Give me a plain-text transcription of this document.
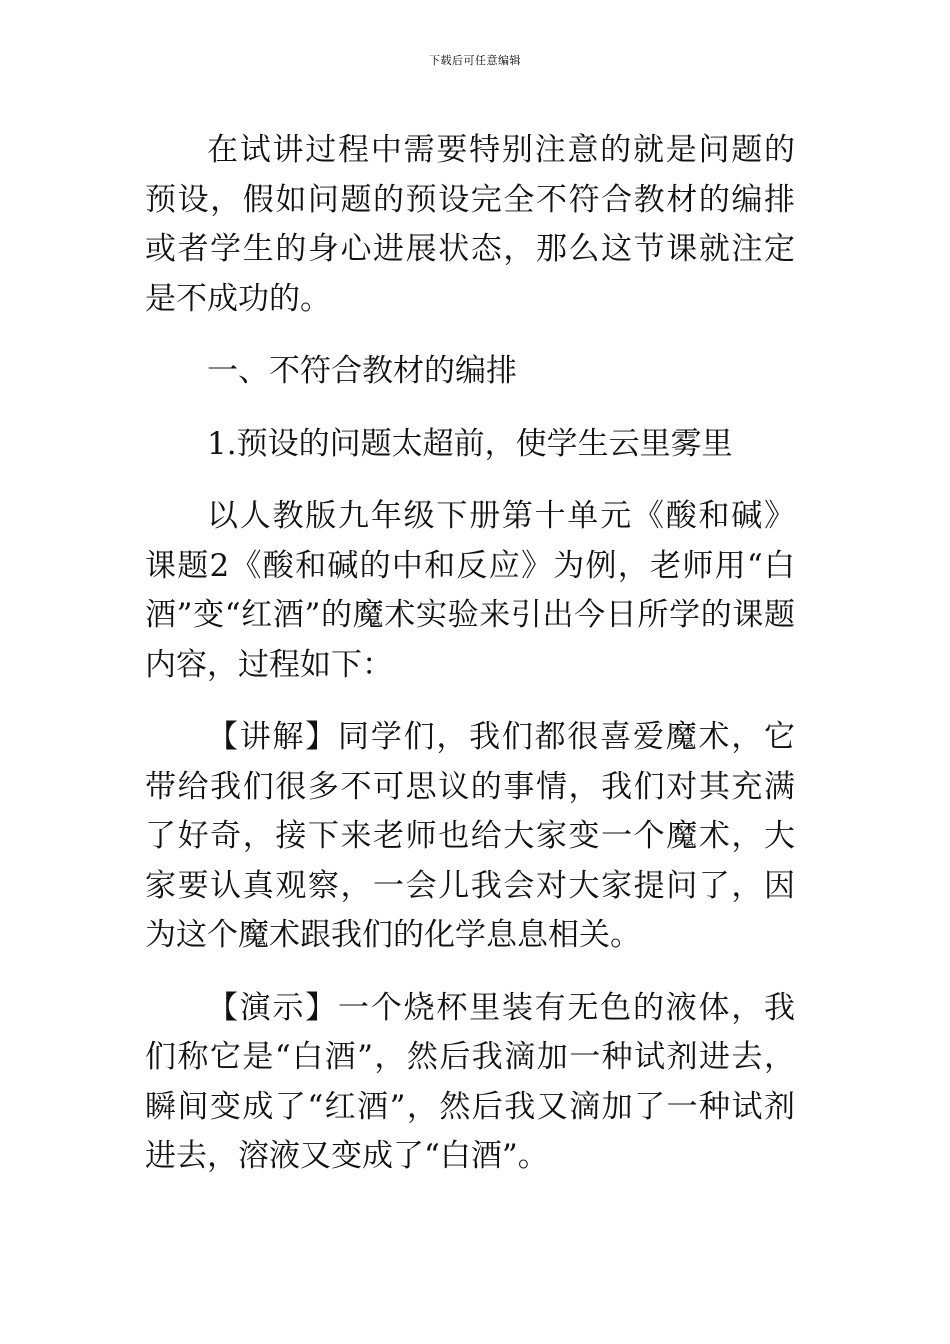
下载后可任意编辑

在试讲过程中需要特别注意的就是问题的预设，假如问题的预设完全不符合教材的编排或者学生的身心进展状态，那么这节课就注定是不成功的。

一、不符合教材的编排

1.预设的问题太超前，使学生云里雾里

以人教版九年级下册第十单元《酸和碱》课题2《酸和碱的中和反应》为例，老师用“白酒”变“红酒”的魔术实验来引出今日所学的课题内容，过程如下：

【讲解】同学们，我们都很喜爱魔术，它带给我们很多不可思议的事情，我们对其充满了好奇，接下来老师也给大家变一个魔术，大家要认真观察，一会儿我会对大家提问了，因为这个魔术跟我们的化学息息相关。

【演示】一个烧杯里装有无色的液体，我们称它是“白酒”，然后我滴加一种试剂进去，瞬间变成了“红酒”，然后我又滴加了一种试剂进去，溶液又变成了“白酒”。
